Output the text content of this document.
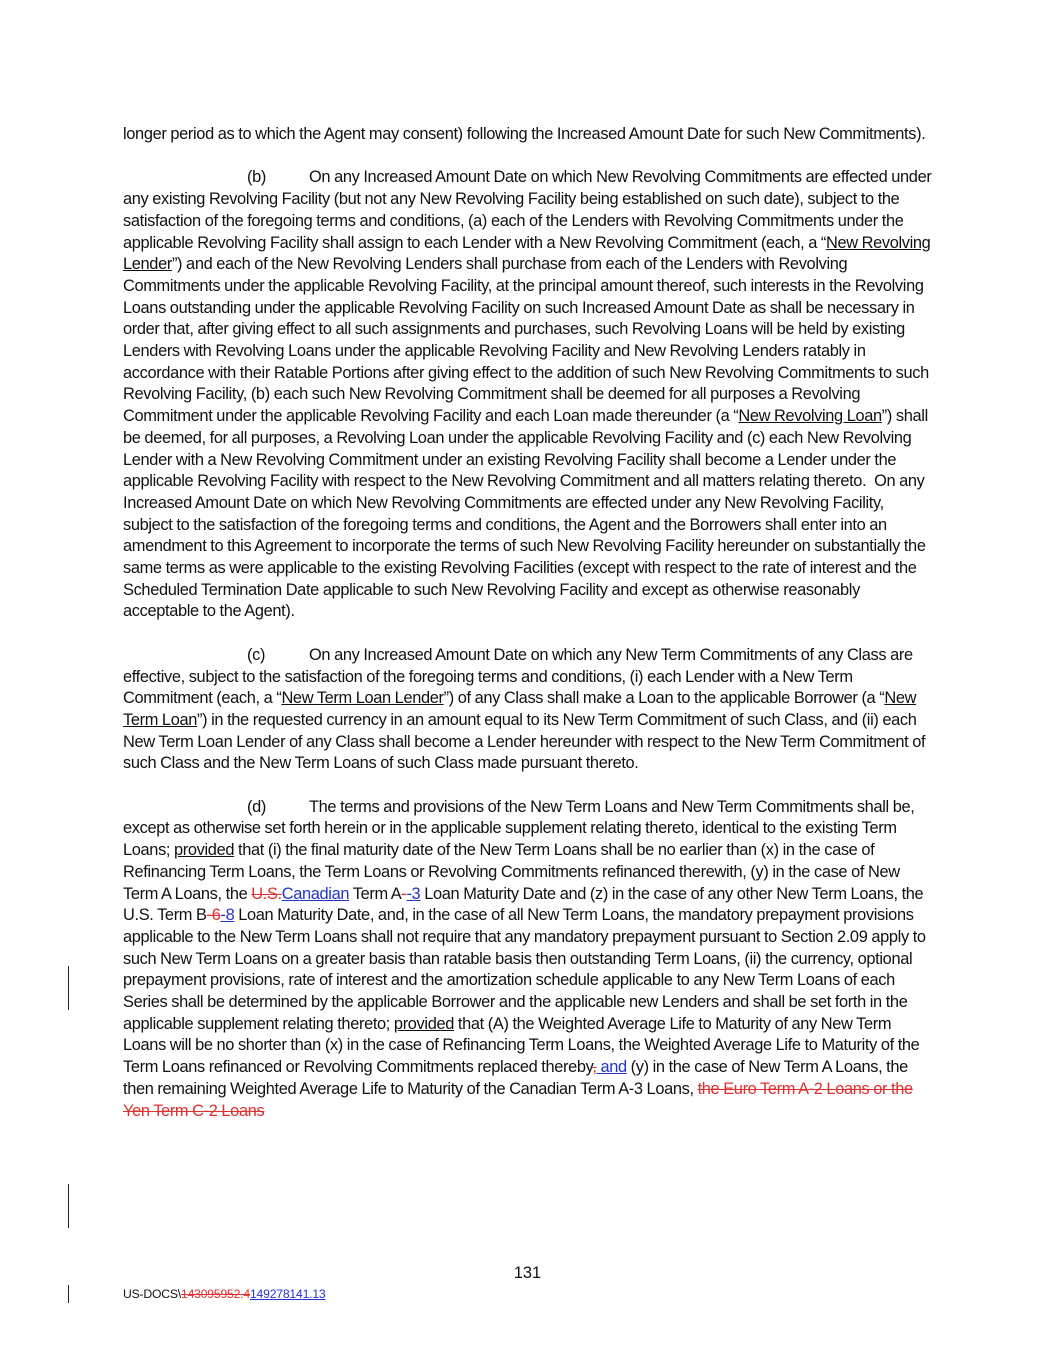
longer period as to which the Agent may consent) following the Increased Amount Date for such New Commitments).

(b)	On any Increased Amount Date on which New Revolving Commitments are effected under any existing Revolving Facility (but not any New Revolving Facility being established on such date), subject to the satisfaction of the foregoing terms and conditions, (a) each of the Lenders with Revolving Commitments under the applicable Revolving Facility shall assign to each Lender with a New Revolving Commitment (each, a “New Revolving Lender”) and each of the New Revolving Lenders shall purchase from each of the Lenders with Revolving Commitments under the applicable Revolving Facility, at the principal amount thereof, such interests in the Revolving Loans outstanding under the applicable Revolving Facility on such Increased Amount Date as shall be necessary in order that, after giving effect to all such assignments and purchases, such Revolving Loans will be held by existing Lenders with Revolving Loans under the applicable Revolving Facility and New Revolving Lenders ratably in accordance with their Ratable Portions after giving effect to the addition of such New Revolving Commitments to such Revolving Facility, (b) each such New Revolving Commitment shall be deemed for all purposes a Revolving Commitment under the applicable Revolving Facility and each Loan made thereunder (a “New Revolving Loan”) shall be deemed, for all purposes, a Revolving Loan under the applicable Revolving Facility and (c) each New Revolving Lender with a New Revolving Commitment under an existing Revolving Facility shall become a Lender under the applicable Revolving Facility with respect to the New Revolving Commitment and all matters relating thereto.  On any Increased Amount Date on which New Revolving Commitments are effected under any New Revolving Facility, subject to the satisfaction of the foregoing terms and conditions, the Agent and the Borrowers shall enter into an amendment to this Agreement to incorporate the terms of such New Revolving Facility hereunder on substantially the same terms as were applicable to the existing Revolving Facilities (except with respect to the rate of interest and the Scheduled Termination Date applicable to such New Revolving Facility and except as otherwise reasonably acceptable to the Agent).

(c)	On any Increased Amount Date on which any New Term Commitments of any Class are effective, subject to the satisfaction of the foregoing terms and conditions, (i) each Lender with a New Term Commitment (each, a “New Term Loan Lender”) of any Class shall make a Loan to the applicable Borrower (a “New Term Loan”) in the requested currency in an amount equal to its New Term Commitment of such Class, and (ii) each New Term Loan Lender of any Class shall become a Lender hereunder with respect to the New Term Commitment of such Class and the New Term Loans of such Class made pursuant thereto.

(d)	The terms and provisions of the New Term Loans and New Term Commitments shall be, except as otherwise set forth herein or in the applicable supplement relating thereto, identical to the existing Term Loans; provided that (i) the final maturity date of the New Term Loans shall be no earlier than (x) in the case of Refinancing Term Loans, the Term Loans or Revolving Commitments refinanced therewith, (y) in the case of New Term A Loans, the U.S.Canadian Term A--3 Loan Maturity Date and (z) in the case of any other New Term Loans, the U.S. Term B-6-8 Loan Maturity Date, and, in the case of all New Term Loans, the mandatory prepayment provisions applicable to the New Term Loans shall not require that any mandatory prepayment pursuant to Section 2.09 apply to such New Term Loans on a greater basis than ratable basis then outstanding Term Loans, (ii) the currency, optional prepayment provisions, rate of interest and the amortization schedule applicable to any New Term Loans of each Series shall be determined by the applicable Borrower and the applicable new Lenders and shall be set forth in the applicable supplement relating thereto; provided that (A) the Weighted Average Life to Maturity of any New Term Loans will be no shorter than (x) in the case of Refinancing Term Loans, the Weighted Average Life to Maturity of the Term Loans refinanced or Revolving Commitments replaced thereby, and (y) in the case of New Term A Loans, the then remaining Weighted Average Life to Maturity of the Canadian Term A-3 Loans, the Euro Term A-2 Loans or the Yen Term C-2 Loans

131
US-DOCS\143095952.4149278141.13
